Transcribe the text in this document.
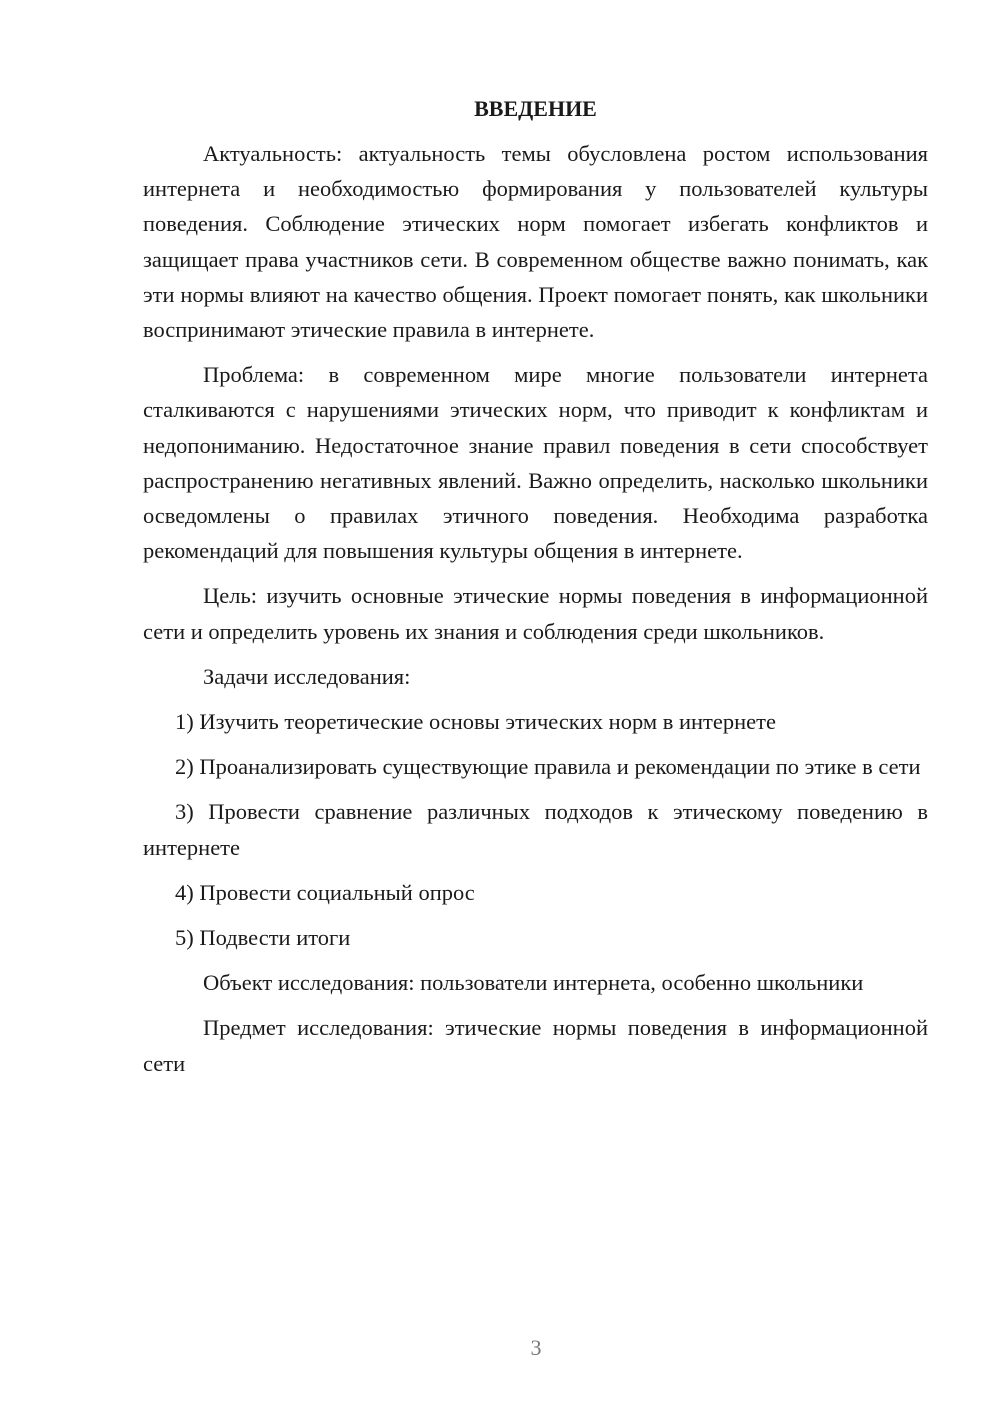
ВВЕДЕНИЕ

Актуальность: актуальность темы обусловлена ростом использования интернета и необходимостью формирования у пользователей культуры поведения. Соблюдение этических норм помогает избегать конфликтов и защищает права участников сети. В современном обществе важно понимать, как эти нормы влияют на качество общения. Проект помогает понять, как школьники воспринимают этические правила в интернете.

Проблема: в современном мире многие пользователи интернета сталкиваются с нарушениями этических норм, что приводит к конфликтам и недопониманию. Недостаточное знание правил поведения в сети способствует распространению негативных явлений. Важно определить, насколько школьники осведомлены о правилах этичного поведения. Необходима разработка рекомендаций для повышения культуры общения в интернете.

Цель: изучить основные этические нормы поведения в информационной сети и определить уровень их знания и соблюдения среди школьников.

Задачи исследования:

1) Изучить теоретические основы этических норм в интернете

2) Проанализировать существующие правила и рекомендации по этике в сети

3) Провести сравнение различных подходов к этическому поведению в интернете

4) Провести социальный опрос

5) Подвести итоги

Объект исследования: пользователи интернета, особенно школьники

Предмет исследования: этические нормы поведения в информационной сети

3
